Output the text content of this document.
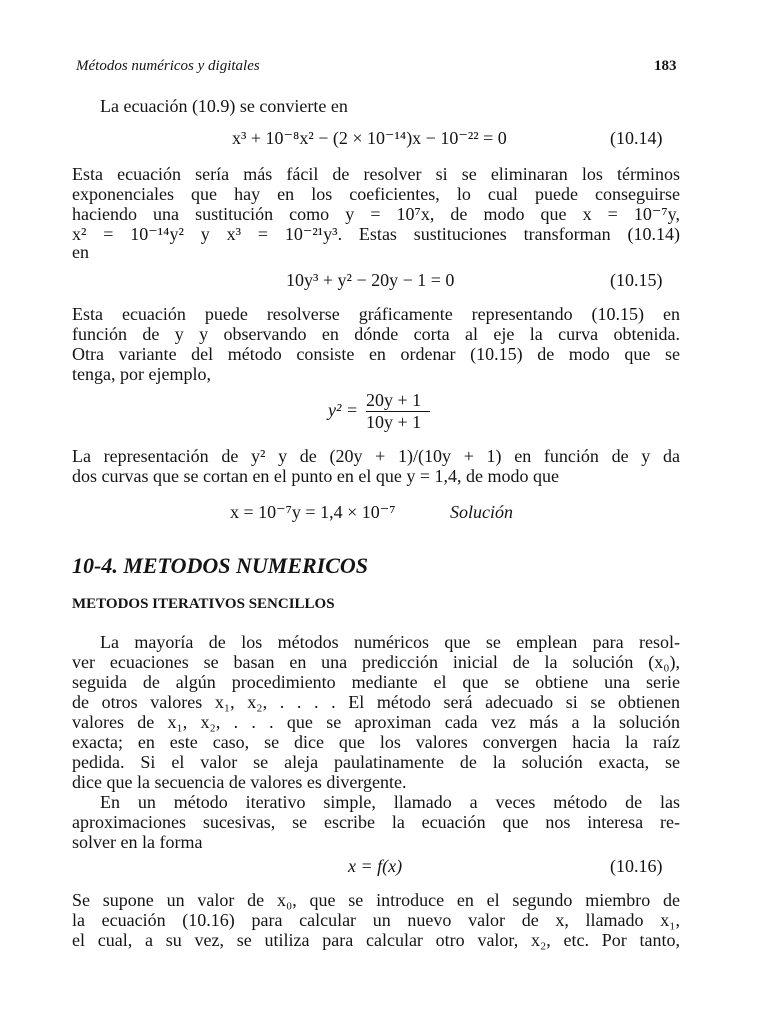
Métodos numéricos y digitales	183
La ecuación (10.9) se convierte en
x³ + 10⁻⁸x² − (2 × 10⁻¹⁴)x − 10⁻²² = 0	(10.14)
Esta ecuación sería más fácil de resolver si se eliminaran los términos
exponenciales que hay en los coeficientes, lo cual puede conseguirse
haciendo una sustitución como y = 10⁷x, de modo que x = 10⁻⁷y,
x² = 10⁻¹⁴y² y x³ = 10⁻²¹y³. Estas sustituciones transforman (10.14)
en
10y³ + y² − 20y − 1 = 0	(10.15)
Esta ecuación puede resolverse gráficamente representando (10.15) en
función de y y observando en dónde corta al eje la curva obtenida.
Otra variante del método consiste en ordenar (10.15) de modo que se
tenga, por ejemplo,
y² = 20y + 1
10y + 1
La representación de y² y de (20y + 1)/(10y + 1) en función de y da
dos curvas que se cortan en el punto en el que y = 1,4, de modo que
x = 10⁻⁷y = 1,4 × 10⁻⁷	Solución
10-4. METODOS NUMERICOS
METODOS ITERATIVOS SENCILLOS
La mayoría de los métodos numéricos que se emplean para resol-
ver ecuaciones se basan en una predicción inicial de la solución (x₀),
seguida de algún procedimiento mediante el que se obtiene una serie
de otros valores x₁, x₂, . . . . El método será adecuado si se obtienen
valores de x₁, x₂, . . . que se aproximan cada vez más a la solución
exacta; en este caso, se dice que los valores convergen hacia la raíz
pedida. Si el valor se aleja paulatinamente de la solución exacta, se
dice que la secuencia de valores es divergente.
En un método iterativo simple, llamado a veces método de las
aproximaciones sucesivas, se escribe la ecuación que nos interesa re-
solver en la forma
x = f(x)	(10.16)
Se supone un valor de x₀, que se introduce en el segundo miembro de
la ecuación (10.16) para calcular un nuevo valor de x, llamado x₁,
el cual, a su vez, se utiliza para calcular otro valor, x₂, etc. Por tanto,
